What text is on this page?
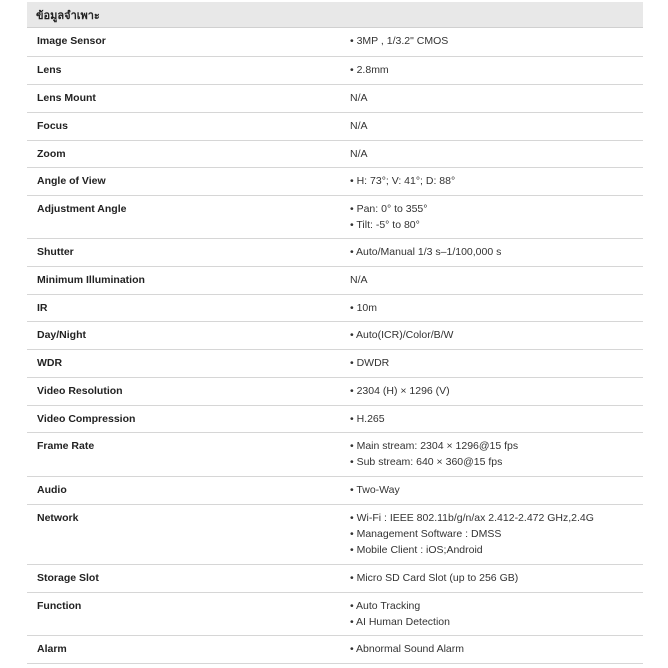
ข้อมูลจำเพาะ
Image Sensor	• 3MP , 1/3.2" CMOS

Lens	• 2.8mm

Lens Mount	N/A

Focus	N/A

Zoom	N/A

Angle of View	• H: 73°; V: 41°; D: 88°

Adjustment Angle	• Pan: 0° to 355°
• Tilt: -5° to 80°

Shutter	• Auto/Manual 1/3 s–1/100,000 s

Minimum Illumination	N/A

IR	• 10m

Day/Night	• Auto(ICR)/Color/B/W

WDR	• DWDR

Video Resolution	• 2304 (H) × 1296 (V)

Video Compression	• H.265

Frame Rate	• Main stream: 2304 × 1296@15 fps
• Sub stream: 640 × 360@15 fps

Audio	• Two-Way

Network	• Wi-Fi : IEEE 802.11b/g/n/ax 2.412-2.472 GHz,2.4G
• Management Software : DMSS
• Mobile Client : iOS;Android

Storage Slot	• Micro SD Card Slot (up to 256 GB)

Function	• Auto Tracking
• AI Human Detection

Alarm	• Abnormal Sound Alarm
